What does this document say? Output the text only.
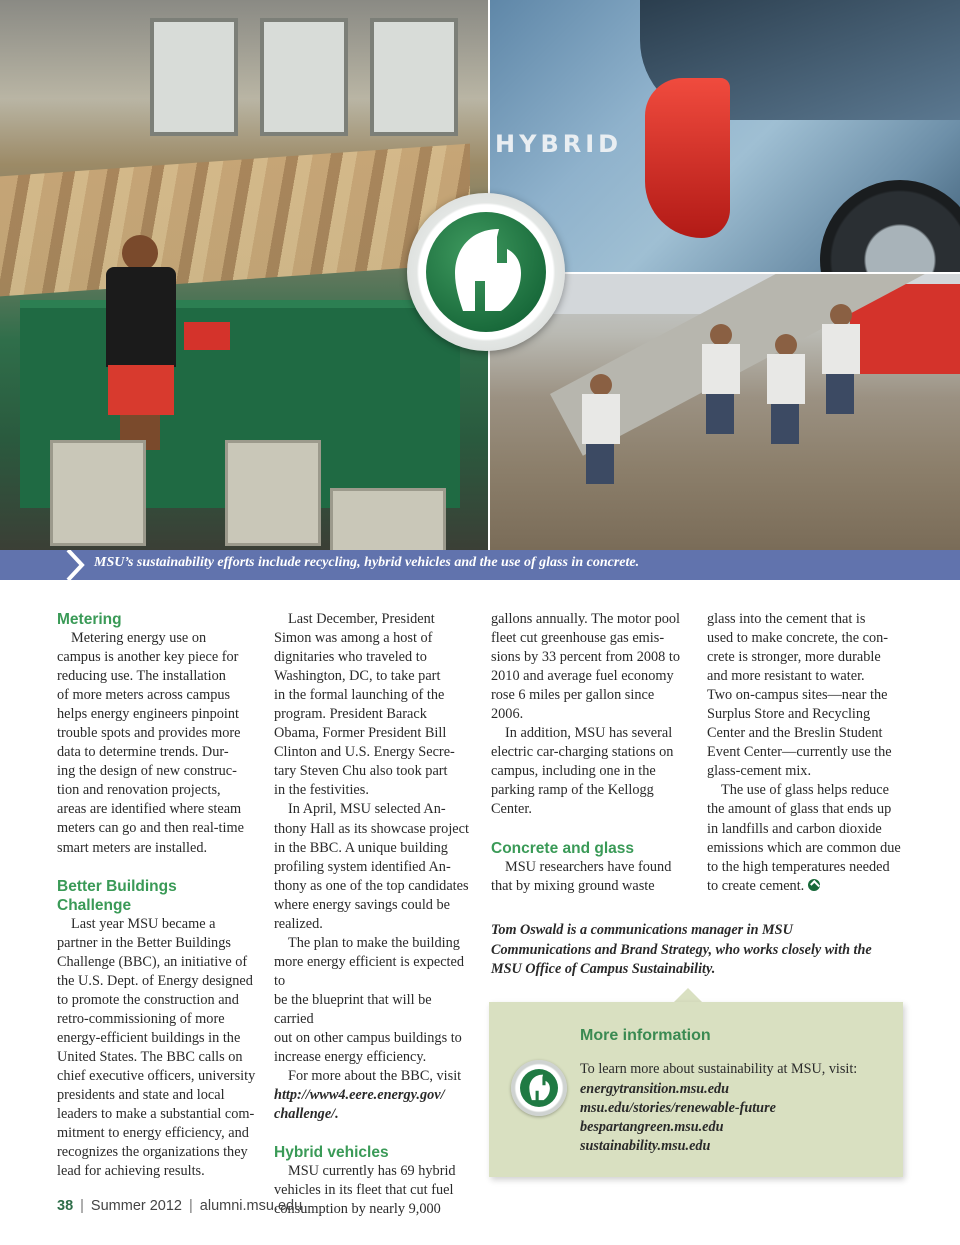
HYBRID
MSU’s sustainability efforts include recycling, hybrid vehicles and the use of glass in concrete.
Metering

Metering energy use on

campus is another key piece for

reducing use. The installation

of more meters across campus

helps energy engineers pinpoint

trouble spots and provides more

data to determine trends. Dur-

ing the design of new construc-

tion and renovation projects,

areas are identified where steam

meters can go and then real-time

smart meters are installed.

Better Buildings
Challenge

Last year MSU became a

partner in the Better Buildings

Challenge (BBC), an initiative of

the U.S. Dept. of Energy designed

to promote the construction and

retro-commissioning of more

energy-efficient buildings in the

United States. The BBC calls on

chief executive officers, university

presidents and state and local

leaders to make a substantial com-

mitment to energy efficiency, and

recognizes the organizations they

lead for achieving results.

Last December, President

Simon was among a host of

dignitaries who traveled to

Washington, DC, to take part

in the formal launching of the

program. President Barack

Obama, Former President Bill

Clinton and U.S. Energy Secre-

tary Steven Chu also took part

in the festivities.

In April, MSU selected An-

thony Hall as its showcase project

in the BBC. A unique building

profiling system identified An-

thony as one of the top candidates

where energy savings could be

realized.

The plan to make the building

more energy efficient is expected to

be the blueprint that will be carried

out on other campus buildings to

increase energy efficiency.

For more about the BBC, visit

http://www4.eere.energy.gov/

challenge/.

Hybrid vehicles

MSU currently has 69 hybrid

vehicles in its fleet that cut fuel

consumption by nearly 9,000

gallons annually. The motor pool

fleet cut greenhouse gas emis-

sions by 33 percent from 2008 to

2010 and average fuel economy

rose 6 miles per gallon since

2006.

In addition, MSU has several

electric car-charging stations on

campus, including one in the

parking ramp of the Kellogg

Center.

Concrete and glass

MSU researchers have found

that by mixing ground waste

glass into the cement that is

used to make concrete, the con-

crete is stronger, more durable

and more resistant to water.

Two on-campus sites—near the

Surplus Store and Recycling

Center and the Breslin Student

Event Center—currently use the

glass-cement mix.

The use of glass helps reduce

the amount of glass that ends up

in landfills and carbon dioxide

emissions which are common due

to the high temperatures needed

to create cement.

Tom Oswald is a communications manager in MSU
Communications and Brand Strategy, who works closely with the
MSU Office of Campus Sustainability.
More information
To learn more about sustainability at MSU, visit:
energytransition.msu.edu
msu.edu/stories/renewable-future
bespartangreen.msu.edu
sustainability.msu.edu
38 | Summer 2012 | alumni.msu.edu
